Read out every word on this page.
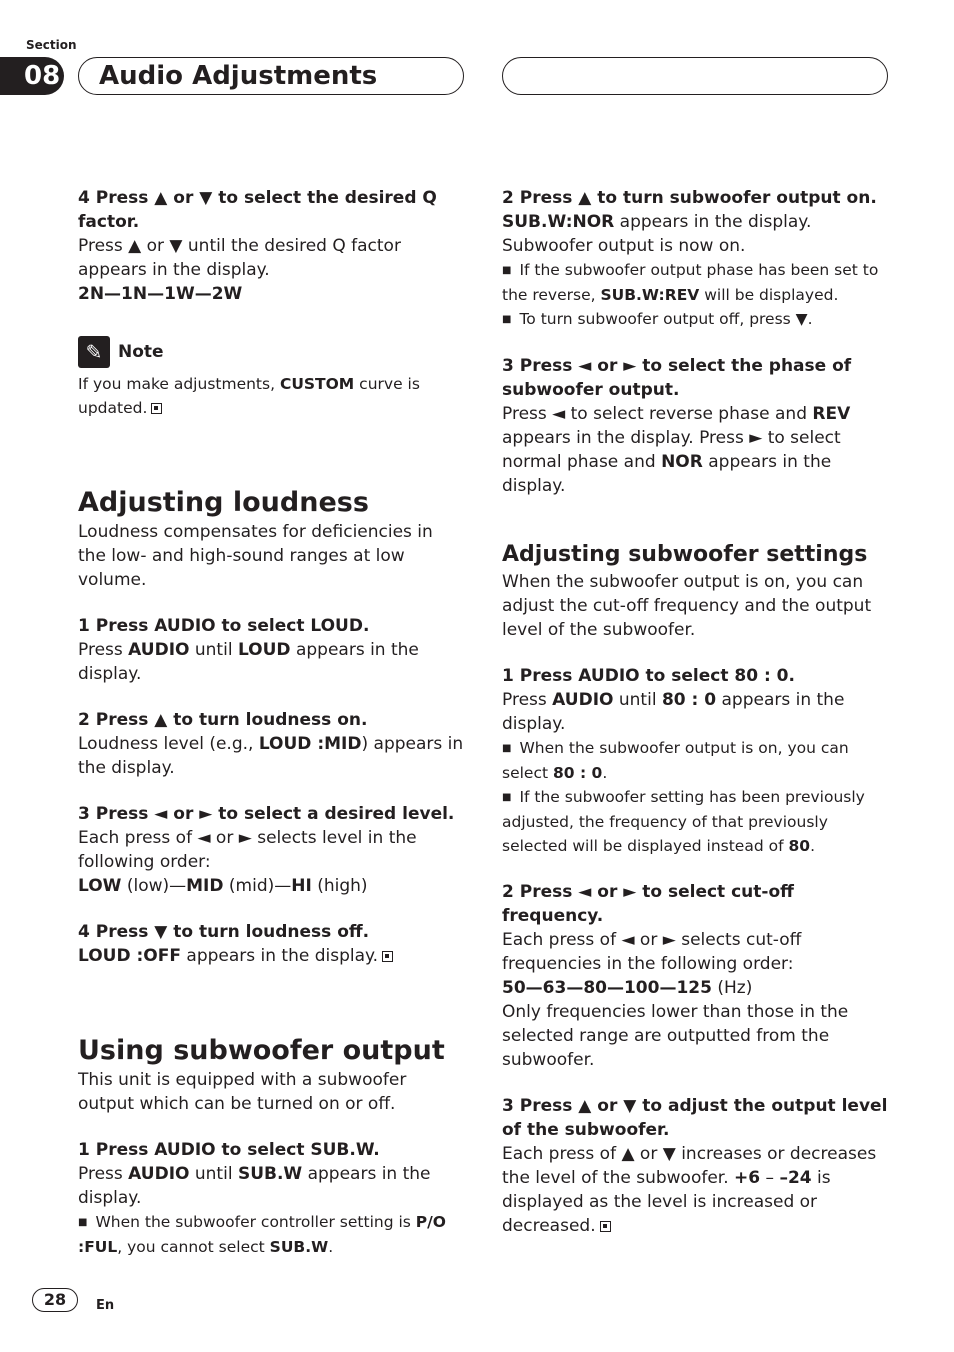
Section
08	Audio Adjustments

4 Press ▲ or ▼ to select the desired Q factor.

Press ▲ or ▼ until the desired Q factor appears in the display.

2N—1N—1W—2W

✎ Note

If you make adjustments, CUSTOM curve is updated.

Adjusting loudness

Loudness compensates for deficiencies in the low- and high-sound ranges at low volume.

1 Press AUDIO to select LOUD.

Press AUDIO until LOUD appears in the display.

2 Press ▲ to turn loudness on.

Loudness level (e.g., LOUD :MID) appears in the display.

3 Press ◄ or ► to select a desired level.

Each press of ◄ or ► selects level in the following order:

LOW (low)—MID (mid)—HI (high)

4 Press ▼ to turn loudness off.

LOUD :OFF appears in the display.

Using subwoofer output

This unit is equipped with a subwoofer output which can be turned on or off.

1 Press AUDIO to select SUB.W.

Press AUDIO until SUB.W appears in the display.

■ When the subwoofer controller setting is P/O :FUL, you cannot select SUB.W.

2 Press ▲ to turn subwoofer output on.

SUB.W:NOR appears in the display. Subwoofer output is now on.

■ If the subwoofer output phase has been set to the reverse, SUB.W:REV will be displayed.

■ To turn subwoofer output off, press ▼.

3 Press ◄ or ► to select the phase of subwoofer output.

Press ◄ to select reverse phase and REV appears in the display. Press ► to select normal phase and NOR appears in the display.

Adjusting subwoofer settings

When the subwoofer output is on, you can adjust the cut-off frequency and the output level of the subwoofer.

1 Press AUDIO to select 80 : 0.

Press AUDIO until 80 : 0 appears in the display.

■ When the subwoofer output is on, you can select 80 : 0.

■ If the subwoofer setting has been previously adjusted, the frequency of that previously selected will be displayed instead of 80.

2 Press ◄ or ► to select cut-off frequency.

Each press of ◄ or ► selects cut-off frequencies in the following order:

50—63—80—100—125 (Hz)

Only frequencies lower than those in the selected range are outputted from the subwoofer.

3 Press ▲ or ▼ to adjust the output level of the subwoofer.

Each press of ▲ or ▼ increases or decreases the level of the subwoofer. +6 – –24 is displayed as the level is increased or decreased.

28	En
